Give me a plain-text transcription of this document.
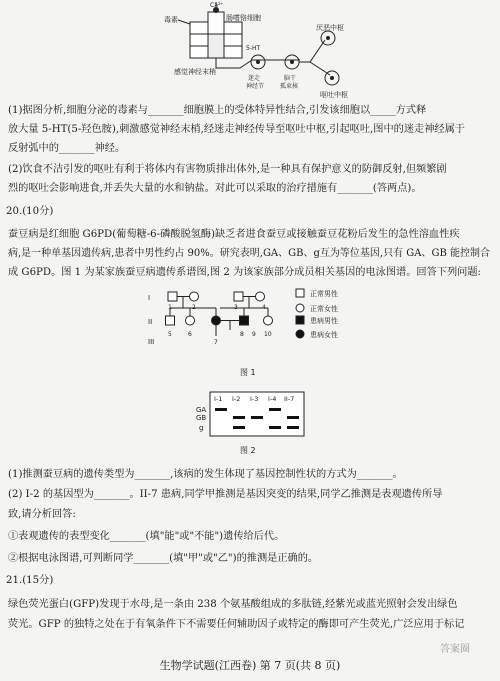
Ca²⁺
毒素	肠嗜铬细胞
感觉神经末梢
5-HT
迷走
神经节
脑干
孤束核
厌恶中枢
呕吐中枢
(1)据图分析,细胞分泌的毒素与_______细胞膜上的受体特异性结合,引发该细胞以_____方式释
放大量 5-HT(5-羟色胺),刺激感觉神经末梢,经迷走神经传导至呕吐中枢,引起呕吐,图中的迷走神经属于
反射弧中的_______神经。
(2)饮食不洁引发的呕吐有利于将体内有害物质排出体外,是一种具有保护意义的防御反射,但频繁剧
烈的呕吐会影响进食,并丢失大量的水和钠盐。对此可以采取的治疗措施有_______(答两点)。
20.(10分)
蚕豆病是红细胞 G6PD(葡萄糖-6-磷酸脱氢酶)缺乏者进食蚕豆或接触蚕豆花粉后发生的急性溶血性疾
病,是一种单基因遗传病,患者中男性约占 90%。研究表明,GA、GB、g互为等位基因,只有 GA、GB 能控制合
成 G6PD。图 1 为某家族蚕豆病遗传系谱图,图 2 为该家族部分成员相关基因的电泳图谱。回答下列问题:
I
II
III
1	2	3	4
5	6
7
8 9 10
正常男性
正常女性
患病男性
患病女性
图 1
GA
GB
g
I-1 I-2 I-3 I-4 II-7
图 2
(1)推测蚕豆病的遗传类型为_______,该病的发生体现了基因控制性状的方式为_______。
(2) I-2 的基因型为_______。II-7 患病,同学甲推测是基因突变的结果,同学乙推测是表观遗传所导
致,请分析回答:
①表观遗传的表型变化_______(填"能"或"不能")遗传给后代。
②根据电泳图谱,可判断同学_______(填"甲"或"乙")的推测是正确的。
21.(15分)
绿色荧光蛋白(GFP)发现于水母,是一条由 238 个氨基酸组成的多肽链,经紫光或蓝光照射会发出绿色
荧光。GFP 的独特之处在于有氧条件下不需要任何辅助因子或特定的酶即可产生荧光,广泛应用于标记
生物学试题(江西卷) 第 7 页(共 8 页)
答案圈
